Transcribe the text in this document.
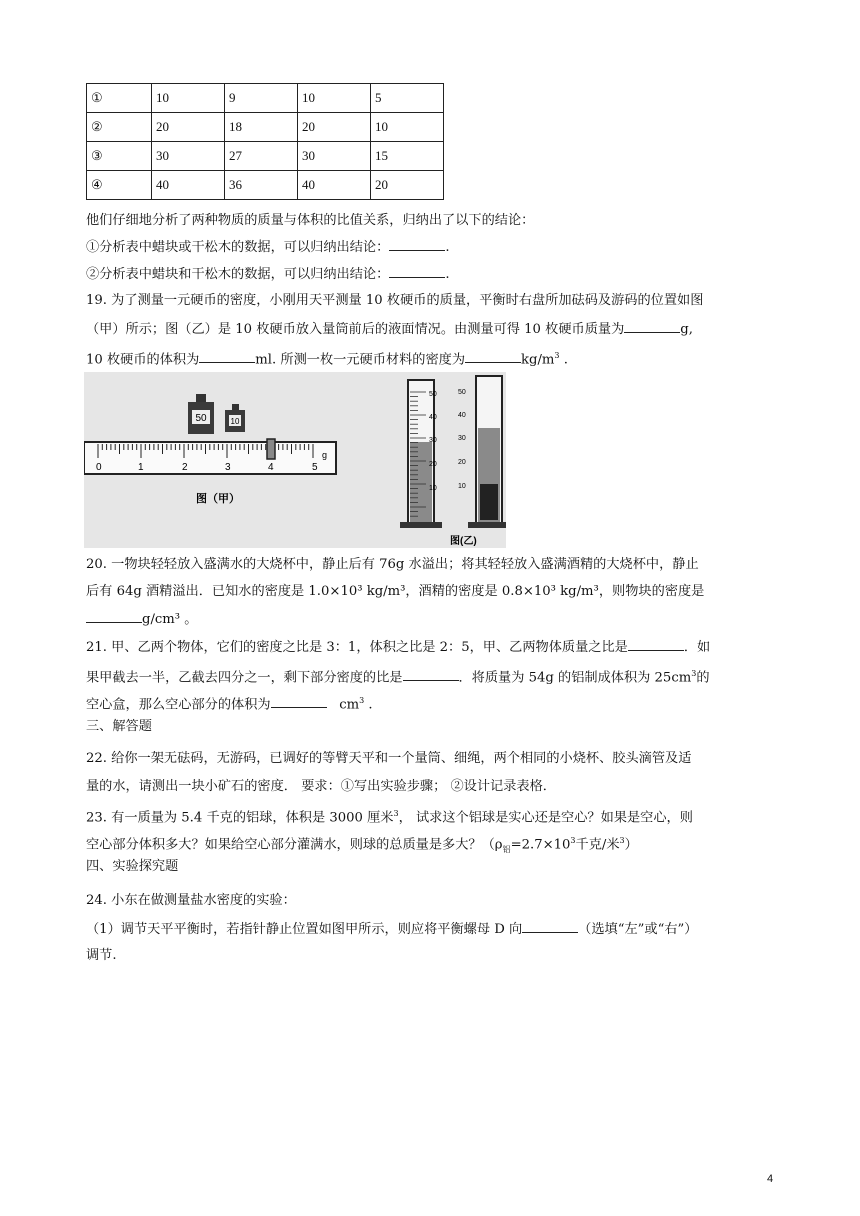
①	10	9	10	5
②	20	18	20	10
③	30	27	30	15
④	40	36	40	20
他们仔细地分析了两种物质的质量与体积的比值关系，归纳出了以下的结论：
①分析表中蜡块或干松木的数据，可以归纳出结论：	.
②分析表中蜡块和干松木的数据，可以归纳出结论：	.
19. 为了测量一元硬币的密度，小刚用天平测量 10 枚硬币的质量，平衡时右盘所加砝码及游码的位置如图
（甲）所示；图（乙）是 10 枚硬币放入量筒前后的液面情况。由测量可得 10 枚硬币质量为	g,
10 枚硬币的体积为	ml. 所测一枚一元硬币材料的密度为	$kg/m^3$ .
50	10
0	1	2	3	4	5
g
图（甲）
50
40
30
20
10
50
40
30
20
10
图(乙)
20. 一物块轻轻放入盛满水的大烧杯中，静止后有 76g 水溢出；将其轻轻放入盛满酒精的大烧杯中，静止
后有 64g 酒精溢出．已知水的密度是 1.0×10³ kg/m³，酒精的密度是 0.8×10³ kg/m³，则物块的密度是
g/cm³ 。
21. 甲、乙两个物体，它们的密度之比是 3：1，体积之比是 2：5，甲、乙两物体质量之比是	．如
果甲截去一半，乙截去四分之一，剩下部分密度的比是	．将质量为 54g 的铝制成体积为 $25cm^3$的
空心盒，那么空心部分的体积为	$cm^3$ .
三、解答题
22. 给你一架无砝码，无游码，已调好的等臂天平和一个量筒、细绳，两个相同的小烧杯、胶头滴管及适
量的水，请测出一块小矿石的密度． 要求：①写出实验步骤； ②设计记录表格．
23. 有一质量为 5.4 千克的铝球，体积是 3000 厘米$^3$， 试求这个铝球是实心还是空心？如果是空心，则
空心部分体积多大？如果给空心部分灌满水，则球的总质量是多大？（$\rho_铝=2.7\times 10^3$千克/米$^3$）
四、实验探究题
24. 小东在做测量盐水密度的实验：
（1）调节天平平衡时，若指针静止位置如图甲所示，则应将平衡螺母 D 向	（选填“左”或“右”）
调节.
4
